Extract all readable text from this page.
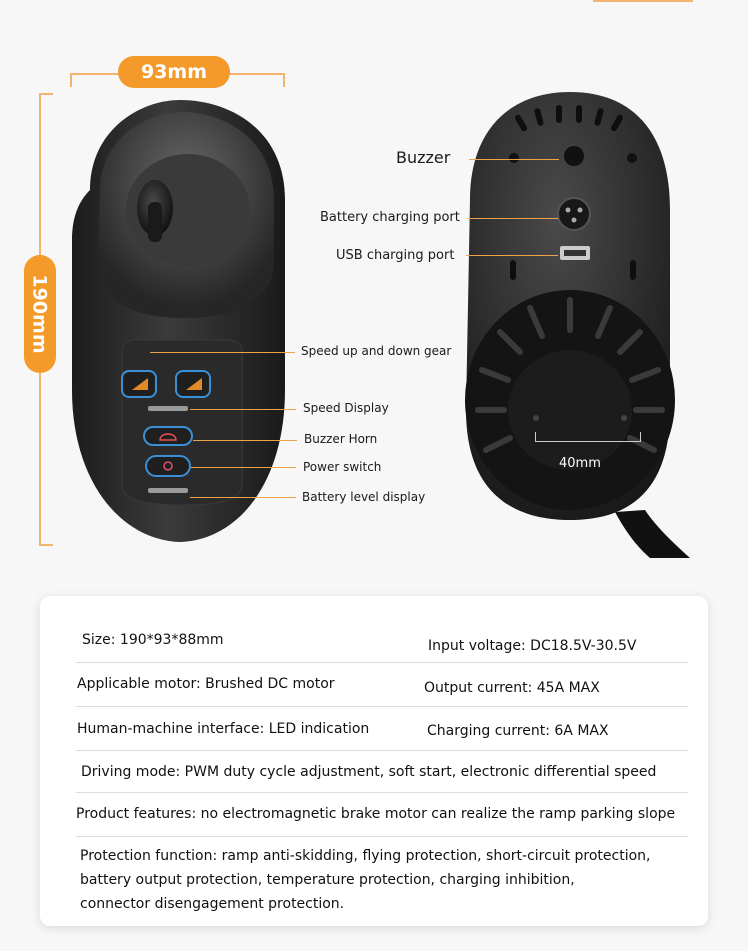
93mm
190mm	Speed up and down gear
Speed Display
Buzzer Horn
Power switch
Battery level display
40mm
Buzzer
Battery charging port
USB charging port
Size: 190*93*88mm	Input voltage: DC18.5V-30.5V
Applicable motor: Brushed DC motor	Output current: 45A MAX
Human-machine interface: LED indication	Charging current: 6A MAX
Driving mode: PWM duty cycle adjustment, soft start, electronic differential speed
Product features: no electromagnetic brake motor can realize the ramp parking slope
Protection function: ramp anti-skidding, flying protection, short-circuit protection,
battery output protection, temperature protection, charging inhibition,
connector disengagement protection.
